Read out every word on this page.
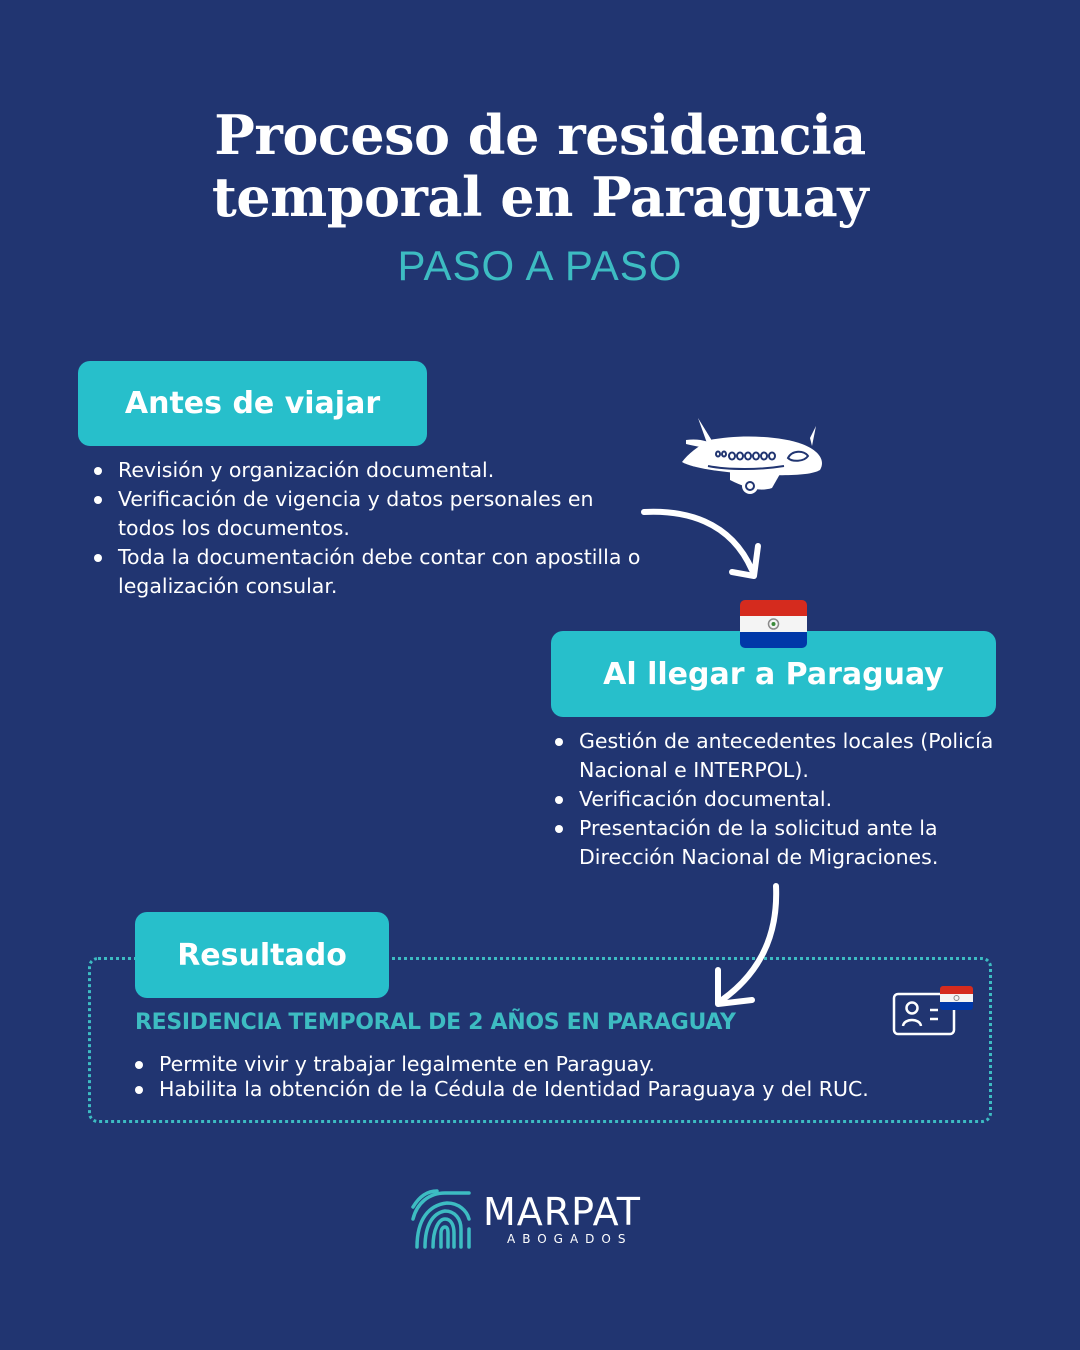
Proceso de residencia
temporal en Paraguay
PASO A PASO
Antes de viajar
Revisión y organización documental.
Verificación de vigencia y datos personales en todos los documentos.
Toda la documentación debe contar con apostilla o legalización consular.
Al llegar a Paraguay
Gestión de antecedentes locales (Policía Nacional e INTERPOL).
Verificación documental.
Presentación de la solicitud ante la Dirección Nacional de Migraciones.
Resultado
RESIDENCIA TEMPORAL DE 2 AÑOS EN PARAGUAY
Permite vivir y trabajar legalmente en Paraguay.
Habilita la obtención de la Cédula de Identidad Paraguaya y del RUC.
MARPAT
ABOGADOS
